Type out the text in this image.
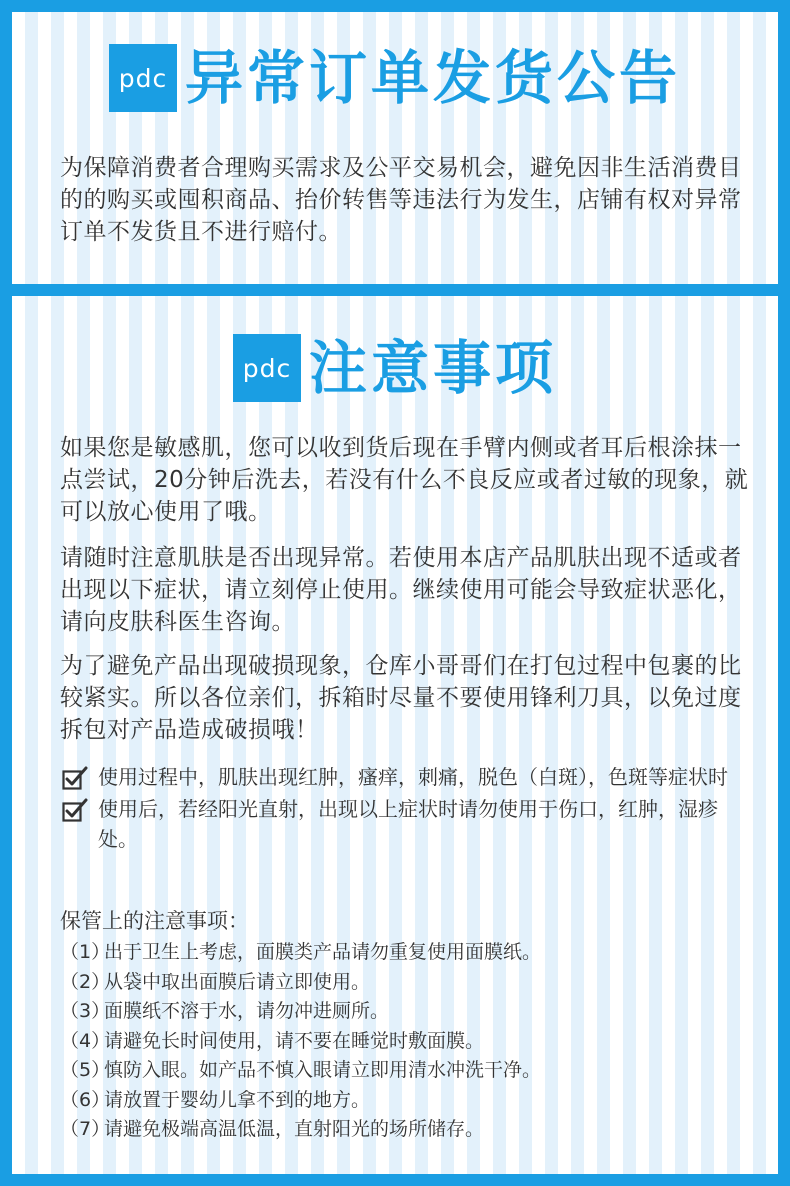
pdc 异常订单发货公告

为保障消费者合理购买需求及公平交易机会，避免因非生活消费目的的购买或囤积商品、抬价转售等违法行为发生，店铺有权对异常订单不发货且不进行赔付。

pdc 注意事项

如果您是敏感肌，您可以收到货后现在手臂内侧或者耳后根涂抹一点尝试，20分钟后洗去，若没有什么不良反应或者过敏的现象，就可以放心使用了哦。

请随时注意肌肤是否出现异常。若使用本店产品肌肤出现不适或者出现以下症状，请立刻停止使用。继续使用可能会导致症状恶化，请向皮肤科医生咨询。

为了避免产品出现破损现象，仓库小哥哥们在打包过程中包裹的比较紧实。所以各位亲们，拆箱时尽量不要使用锋利刀具，以免过度拆包对产品造成破损哦！

使用过程中，肌肤出现红肿，瘙痒，刺痛，脱色（白斑），色斑等症状时
使用后，若经阳光直射，出现以上症状时请勿使用于伤口，红肿，湿疹处。

保管上的注意事项：

（1）
出于卫生上考虑，面膜类产品请勿重复使用面膜纸。
（2）
从袋中取出面膜后请立即使用。
（3）
面膜纸不溶于水，请勿冲进厕所。
（4）
请避免长时间使用，请不要在睡觉时敷面膜。
（5）
慎防入眼。如产品不慎入眼请立即用清水冲洗干净。
（6）
请放置于婴幼儿拿不到的地方。
（7）
请避免极端高温低温，直射阳光的场所储存。
